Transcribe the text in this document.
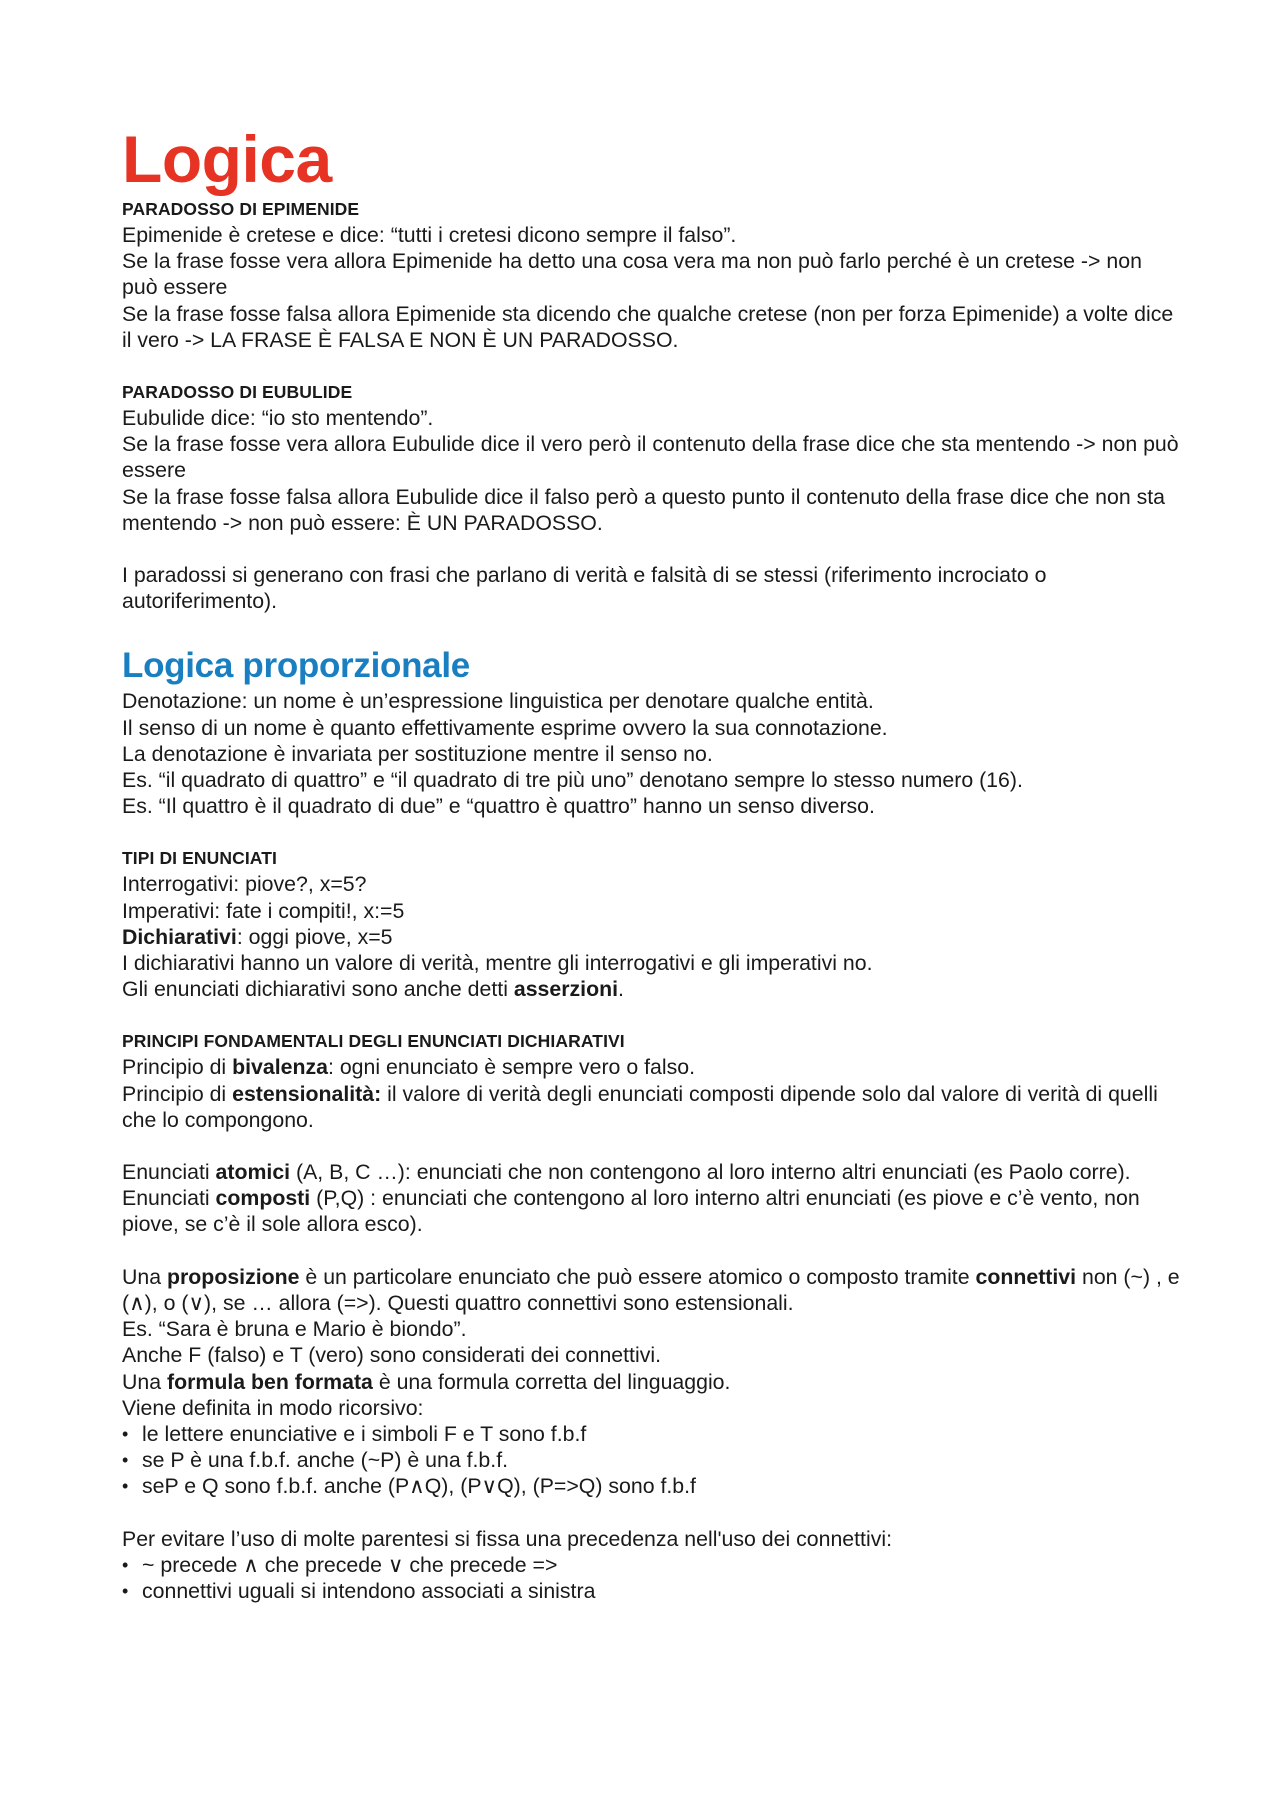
Logica

PARADOSSO DI EPIMENIDE

Epimenide è cretese e dice: “tutti i cretesi dicono sempre il falso”.

Se la frase fosse vera allora Epimenide ha detto una cosa vera ma non può farlo perché è un cretese -> non può essere

Se la frase fosse falsa allora Epimenide sta dicendo che qualche cretese (non per forza Epimenide) a volte dice il vero -> LA FRASE È FALSA E NON È UN PARADOSSO.

PARADOSSO DI EUBULIDE

Eubulide dice: “io sto mentendo”.

Se la frase fosse vera allora Eubulide dice il vero però il contenuto della frase dice che sta mentendo -> non può essere

Se la frase fosse falsa allora Eubulide dice il falso però a questo punto il contenuto della frase dice che non sta mentendo -> non può essere: È UN PARADOSSO.

I paradossi si generano con frasi che parlano di verità e falsità di se stessi (riferimento incrociato o autoriferimento).

Logica proporzionale

Denotazione: un nome è un’espressione linguistica per denotare qualche entità.

Il senso di un nome è quanto effettivamente esprime ovvero la sua connotazione.

La denotazione è invariata per sostituzione mentre il senso no.

Es. “il quadrato di quattro” e “il quadrato di tre più uno” denotano sempre lo stesso numero (16).

Es. “Il quattro è il quadrato di due” e “quattro è quattro” hanno un senso diverso.

TIPI DI ENUNCIATI

Interrogativi: piove?, x=5?

Imperativi: fate i compiti!, x:=5

Dichiarativi: oggi piove, x=5

I dichiarativi hanno un valore di verità, mentre gli interrogativi e gli imperativi no.

Gli enunciati dichiarativi sono anche detti asserzioni.

PRINCIPI FONDAMENTALI DEGLI ENUNCIATI DICHIARATIVI

Principio di bivalenza: ogni enunciato è sempre vero o falso.

Principio di estensionalità: il valore di verità degli enunciati composti dipende solo dal valore di verità di quelli che lo compongono.

Enunciati atomici (A, B, C …): enunciati che non contengono al loro interno altri enunciati (es Paolo corre).

Enunciati composti (P,Q) : enunciati che contengono al loro interno altri enunciati (es piove e c’è vento, non piove, se c’è il sole allora esco).

Una proposizione è un particolare enunciato che può essere atomico o composto tramite connettivi non (~) , e (∧), o (∨), se … allora (=>). Questi quattro connettivi sono estensionali.

Es. “Sara è bruna e Mario è biondo”.

Anche F (falso) e T (vero) sono considerati dei connettivi.

Una formula ben formata è una formula corretta del linguaggio.

Viene definita in modo ricorsivo:

• le lettere enunciative e i simboli F e T sono f.b.f
• se P è una f.b.f. anche (~P) è una f.b.f.
• seP e Q sono f.b.f. anche (P∧Q), (P∨Q), (P=>Q) sono f.b.f

Per evitare l’uso di molte parentesi si fissa una precedenza nell'uso dei connettivi:

• ~ precede ∧ che precede ∨ che precede =>
• connettivi uguali si intendono associati a sinistra
